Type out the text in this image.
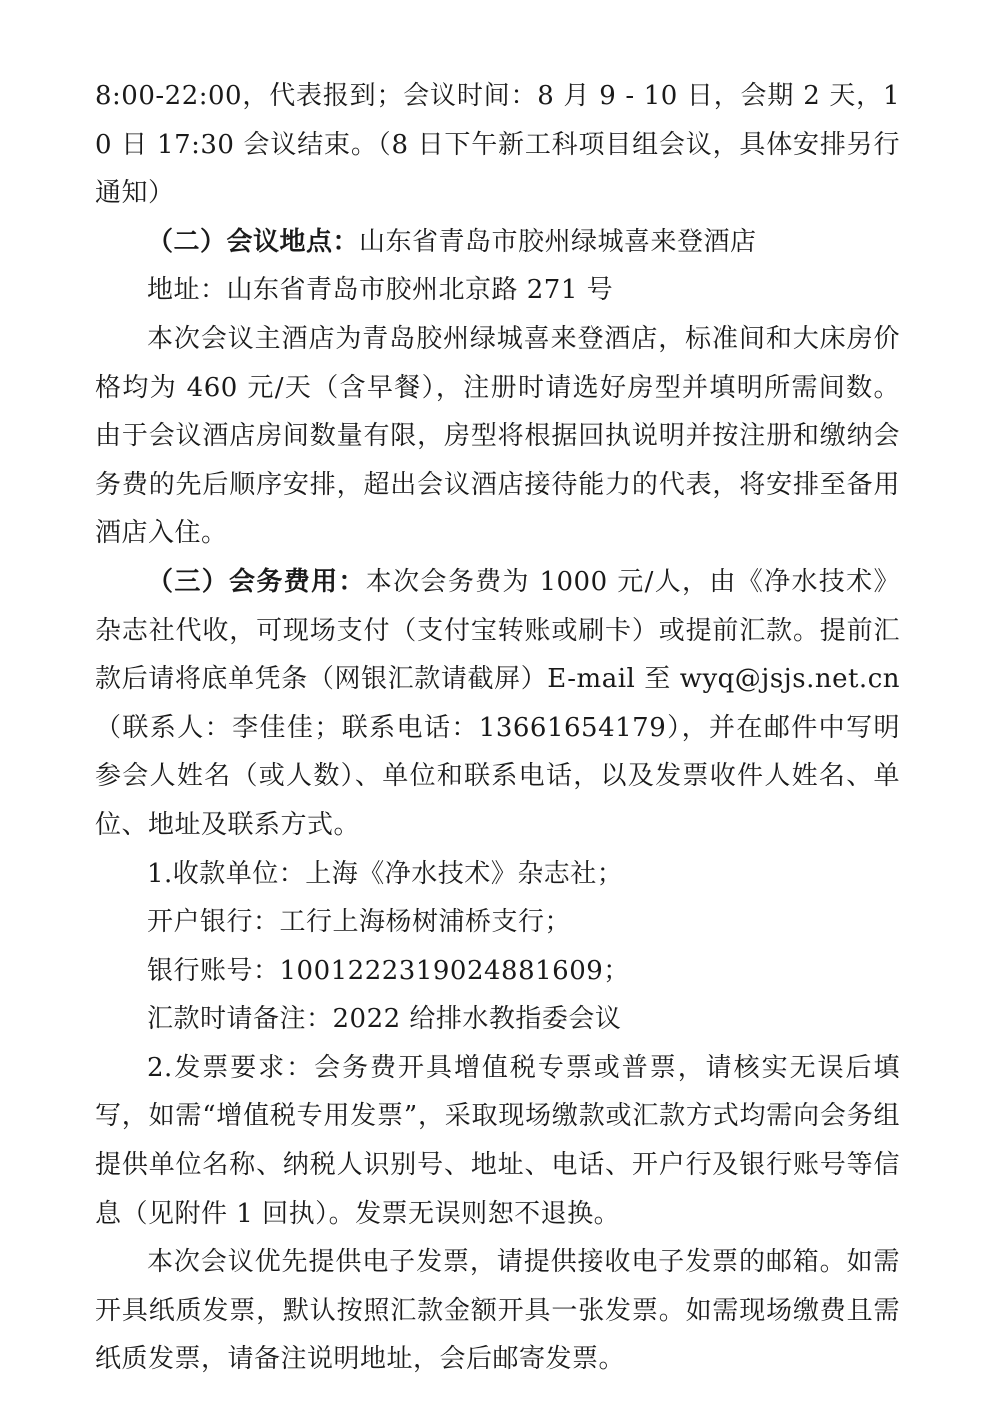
8:00-22:00，代表报到；会议时间：8 月 9 - 10 日，会期 2 天，10 日 17:30 会议结束。（8 日下午新工科项目组会议，具体安排另行通知）

（二）会议地点：山东省青岛市胶州绿城喜来登酒店

地址：山东省青岛市胶州北京路 271 号

本次会议主酒店为青岛胶州绿城喜来登酒店，标准间和大床房价格均为 460 元/天（含早餐），注册时请选好房型并填明所需间数。由于会议酒店房间数量有限，房型将根据回执说明并按注册和缴纳会务费的先后顺序安排，超出会议酒店接待能力的代表，将安排至备用酒店入住。

（三）会务费用：本次会务费为 1000 元/人，由《净水技术》杂志社代收，可现场支付（支付宝转账或刷卡）或提前汇款。提前汇款后请将底单凭条（网银汇款请截屏）E-mail 至 wyq@jsjs.net.cn（联系人：李佳佳；联系电话：13661654179），并在邮件中写明参会人姓名（或人数）、单位和联系电话，以及发票收件人姓名、单位、地址及联系方式。

1.收款单位：上海《净水技术》杂志社；

开户银行：工行上海杨树浦桥支行；

银行账号：1001222319024881609；

汇款时请备注：2022 给排水教指委会议

2.发票要求：会务费开具增值税专票或普票，请核实无误后填写，如需“增值税专用发票”，采取现场缴款或汇款方式均需向会务组提供单位名称、纳税人识别号、地址、电话、开户行及银行账号等信息（见附件 1 回执）。发票无误则恕不退换。

本次会议优先提供电子发票，请提供接收电子发票的邮箱。如需开具纸质发票，默认按照汇款金额开具一张发票。如需现场缴费且需纸质发票，请备注说明地址，会后邮寄发票。
